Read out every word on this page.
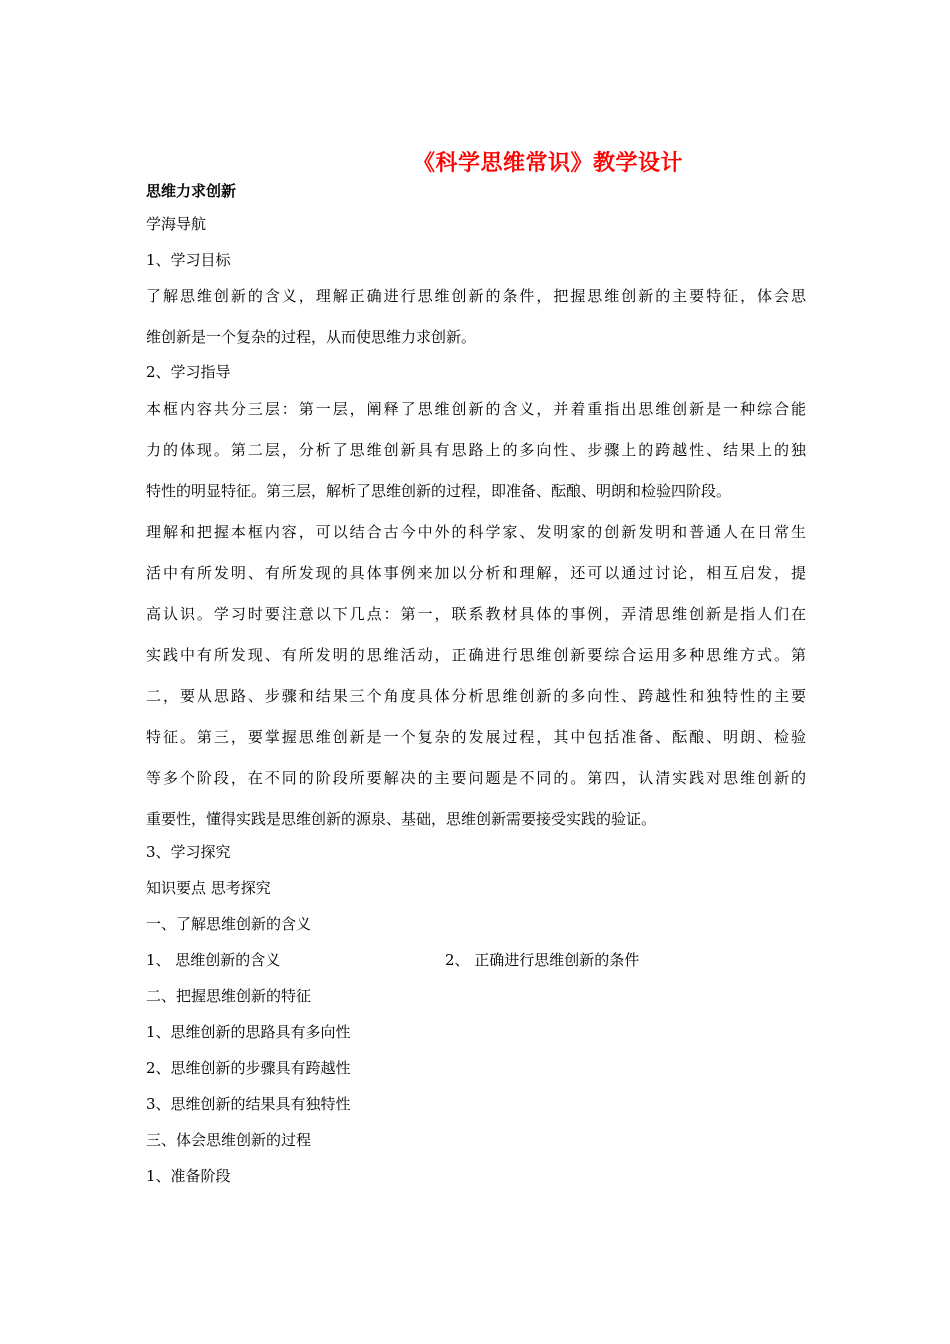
《科学思维常识》教学设计
思维力求创新
学海导航
1、学习目标
了解思维创新的含义，理解正确进行思维创新的条件，把握思维创新的主要特征，体会思
维创新是一个复杂的过程，从而使思维力求创新。
2、学习指导
本框内容共分三层：第一层，阐释了思维创新的含义，并着重指出思维创新是一种综合能
力的体现。第二层，分析了思维创新具有思路上的多向性、步骤上的跨越性、结果上的独
特性的明显特征。第三层，解析了思维创新的过程，即准备、酝酿、明朗和检验四阶段。
理解和把握本框内容，可以结合古今中外的科学家、发明家的创新发明和普通人在日常生
活中有所发明、有所发现的具体事例来加以分析和理解，还可以通过讨论，相互启发，提
高认识。学习时要注意以下几点：第一，联系教材具体的事例，弄清思维创新是指人们在
实践中有所发现、有所发明的思维活动，正确进行思维创新要综合运用多种思维方式。第
二，要从思路、步骤和结果三个角度具体分析思维创新的多向性、跨越性和独特性的主要
特征。第三，要掌握思维创新是一个复杂的发展过程，其中包括准备、酝酿、明朗、检验
等多个阶段，在不同的阶段所要解决的主要问题是不同的。第四，认清实践对思维创新的
重要性，懂得实践是思维创新的源泉、基础，思维创新需要接受实践的验证。
3、学习探究
知识要点 思考探究
一、了解思维创新的含义
1、 思维创新的含义	2、 正确进行思维创新的条件
二、把握思维创新的特征
1、思维创新的思路具有多向性
2、思维创新的步骤具有跨越性
3、思维创新的结果具有独特性
三、体会思维创新的过程
1、准备阶段
